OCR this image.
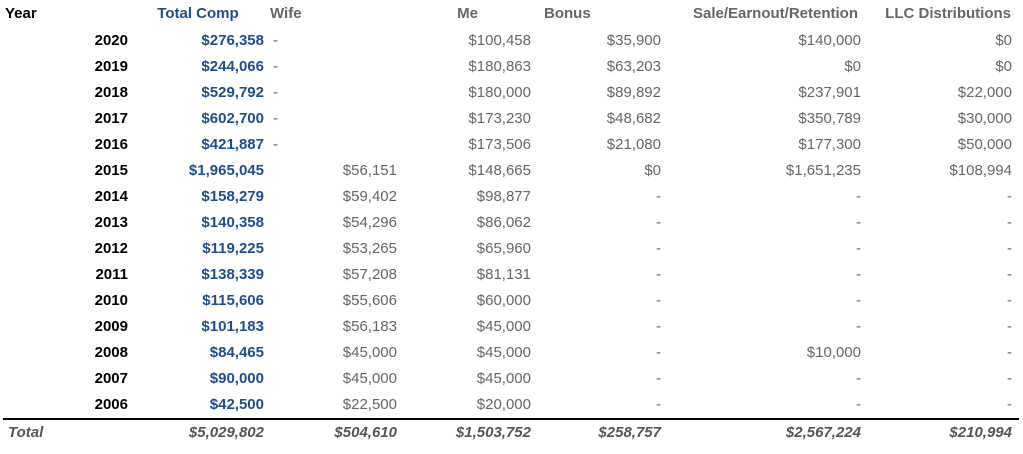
Year	Total Comp	Wife	Me	Bonus	Sale/Earnout/Retention	LLC Distributions
2020	$276,358	-	$100,458	$35,900	$140,000	$0
2019	$244,066	-	$180,863	$63,203	$0	$0
2018	$529,792	-	$180,000	$89,892	$237,901	$22,000
2017	$602,700	-	$173,230	$48,682	$350,789	$30,000
2016	$421,887	-	$173,506	$21,080	$177,300	$50,000
2015	$1,965,045	$56,151	$148,665	$0	$1,651,235	$108,994
2014	$158,279	$59,402	$98,877	-	-	-
2013	$140,358	$54,296	$86,062	-	-	-
2012	$119,225	$53,265	$65,960	-	-	-
2011	$138,339	$57,208	$81,131	-	-	-
2010	$115,606	$55,606	$60,000	-	-	-
2009	$101,183	$56,183	$45,000	-	-	-
2008	$84,465	$45,000	$45,000	-	$10,000	-
2007	$90,000	$45,000	$45,000	-	-	-
2006	$42,500	$22,500	$20,000	-	-	-
Total	$5,029,802	$504,610	$1,503,752	$258,757	$2,567,224	$210,994
